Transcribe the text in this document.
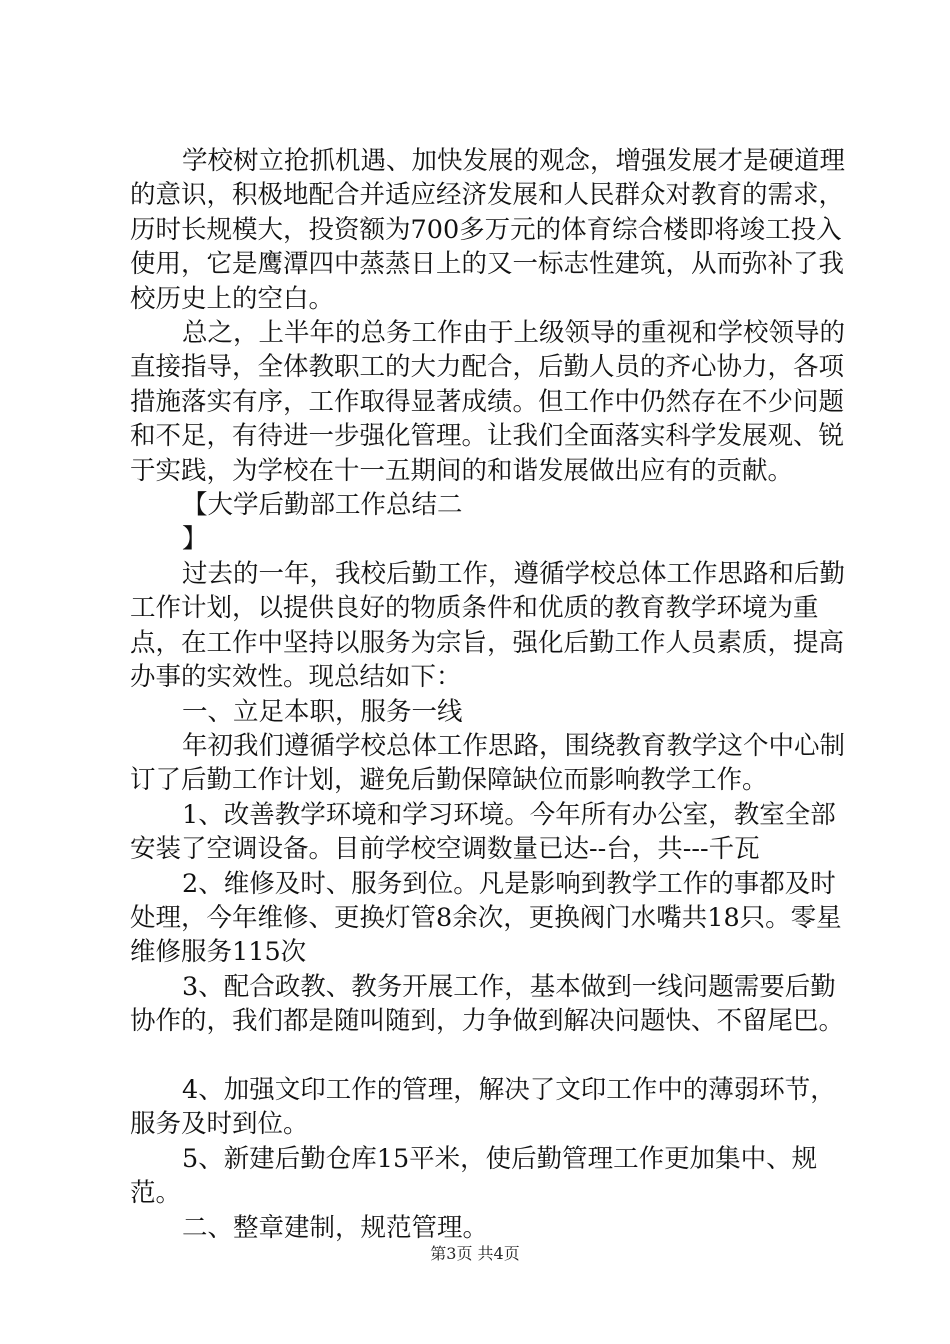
学校树立抢抓机遇、加快发展的观念，增强发展才是硬道理的意识，积极地配合并适应经济发展和人民群众对教育的需求，历时长规模大，投资额为700多万元的体育综合楼即将竣工投入使用，它是鹰潭四中蒸蒸日上的又一标志性建筑，从而弥补了我校历史上的空白。

总之，上半年的总务工作由于上级领导的重视和学校领导的直接指导，全体教职工的大力配合，后勤人员的齐心协力，各项措施落实有序，工作取得显著成绩。但工作中仍然存在不少问题和不足，有待进一步强化管理。让我们全面落实科学发展观、锐于实践，为学校在十一五期间的和谐发展做出应有的贡献。

【大学后勤部工作总结二

】

过去的一年，我校后勤工作，遵循学校总体工作思路和后勤工作计划，以提供良好的物质条件和优质的教育教学环境为重点，在工作中坚持以服务为宗旨，强化后勤工作人员素质，提高办事的实效性。现总结如下：

一、立足本职，服务一线

年初我们遵循学校总体工作思路，围绕教育教学这个中心制订了后勤工作计划，避免后勤保障缺位而影响教学工作。

1、改善教学环境和学习环境。今年所有办公室，教室全部安装了空调设备。目前学校空调数量已达--台，共---千瓦

2、维修及时、服务到位。凡是影响到教学工作的事都及时处理，今年维修、更换灯管8余次，更换阀门水嘴共18只。零星维修服务115次

3、配合政教、教务开展工作，基本做到一线问题需要后勤协作的，我们都是随叫随到，力争做到解决问题快、不留尾巴。

4、加强文印工作的管理，解决了文印工作中的薄弱环节，服务及时到位。

5、新建后勤仓库15平米，使后勤管理工作更加集中、规范。

二、整章建制，规范管理。

第3页 共4页
